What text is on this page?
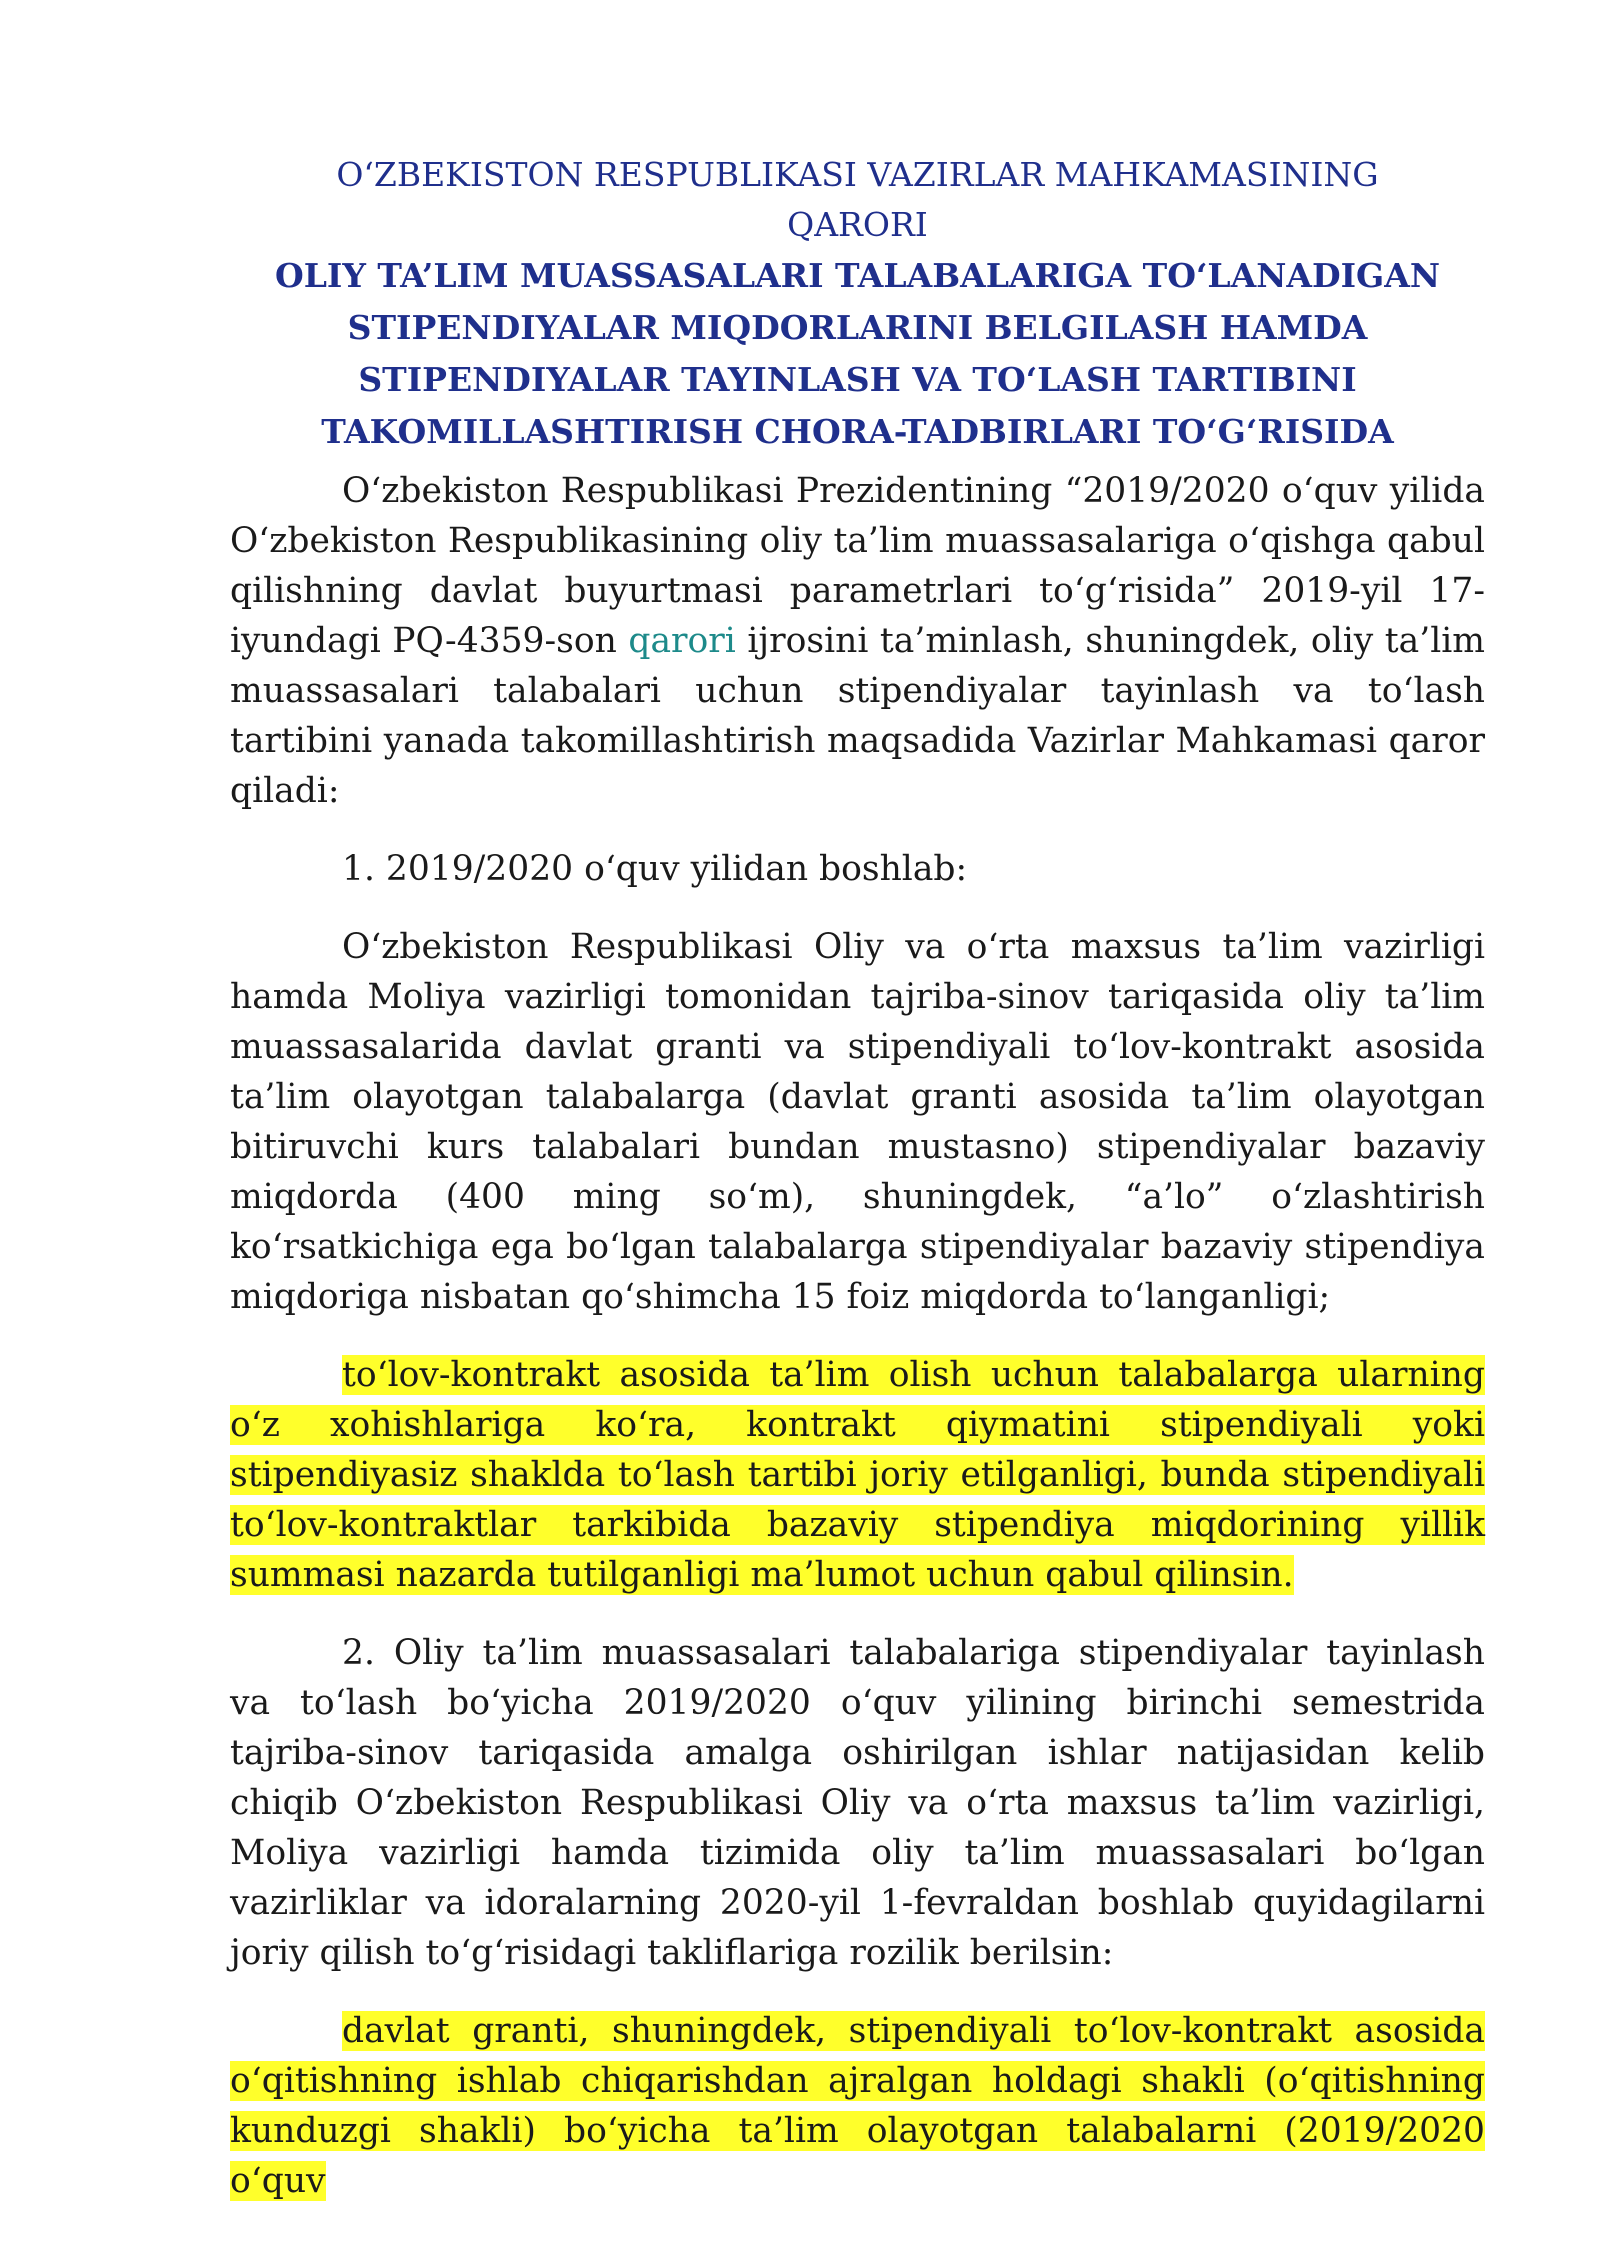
O‘ZBEKISTON RESPUBLIKASI VAZIRLAR MAHKAMASINING
QARORI
OLIY TA’LIM MUASSASALARI TALABALARIGA TO‘LANADIGAN
STIPENDIYALAR MIQDORLARINI BELGILASH HAMDA
STIPENDIYALAR TAYINLASH VA TO‘LASH TARTIBINI
TAKOMILLASHTIRISH CHORA-TADBIRLARI TO‘G‘RISIDA

O‘zbekiston Respublikasi Prezidentining “2019/2020 o‘quv yilida O‘zbekiston Respublikasining oliy ta’lim muassasalariga o‘qishga qabul qilishning davlat buyurtmasi parametrlari to‘g‘risida” 2019-yil 17-iyundagi PQ-4359-son qarori ijrosini ta’minlash, shuningdek, oliy ta’lim muassasalari talabalari uchun stipendiyalar tayinlash va to‘lash tartibini yanada takomillashtirish maqsadida Vazirlar Mahkamasi qaror qiladi:

1. 2019/2020 o‘quv yilidan boshlab:

O‘zbekiston Respublikasi Oliy va o‘rta maxsus ta’lim vazirligi hamda Moliya vazirligi tomonidan tajriba-sinov tariqasida oliy ta’lim muassasalarida davlat granti va stipendiyali to‘lov-kontrakt asosida ta’lim olayotgan talabalarga (davlat granti asosida ta’lim olayotgan bitiruvchi kurs talabalari bundan mustasno) stipendiyalar bazaviy miqdorda (400 ming so‘m), shuningdek, “a’lo” o‘zlashtirish ko‘rsatkichiga ega bo‘lgan talabalarga stipendiyalar bazaviy stipendiya miqdoriga nisbatan qo‘shimcha 15 foiz miqdorda to‘langanligi;

to‘lov-kontrakt asosida ta’lim olish uchun talabalarga ularning o‘z xohishlariga ko‘ra, kontrakt qiymatini stipendiyali yoki stipendiyasiz shaklda to‘lash tartibi joriy etilganligi, bunda stipendiyali to‘lov-kontraktlar tarkibida bazaviy stipendiya miqdorining yillik summasi nazarda tutilganligi ma’lumot uchun qabul qilinsin.

2. Oliy ta’lim muassasalari talabalariga stipendiyalar tayinlash va to‘lash bo‘yicha 2019/2020 o‘quv yilining birinchi semestrida tajriba-sinov tariqasida amalga oshirilgan ishlar natijasidan kelib chiqib O‘zbekiston Respublikasi Oliy va o‘rta maxsus ta’lim vazirligi, Moliya vazirligi hamda tizimida oliy ta’lim muassasalari bo‘lgan vazirliklar va idoralarning 2020-yil 1-fevraldan boshlab quyidagilarni joriy qilish to‘g‘risidagi takliflariga rozilik berilsin:

davlat granti, shuningdek, stipendiyali to‘lov-kontrakt asosida o‘qitishning ishlab chiqarishdan ajralgan holdagi shakli (o‘qitishning kunduzgi shakli) bo‘yicha ta’lim olayotgan talabalarni (2019/2020 o‘quv
